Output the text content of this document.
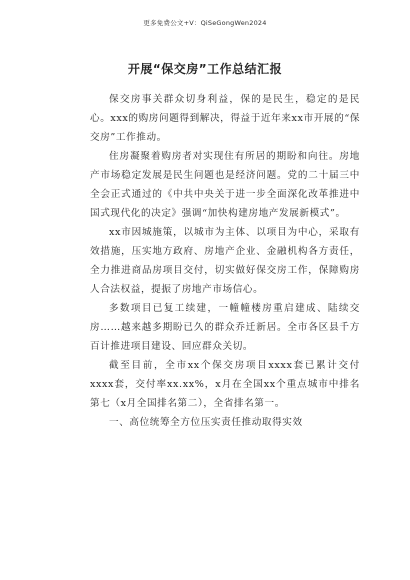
更多免费公文+V：QiSeGongWen2024
开展“保交房”工作总结汇报

保交房事关群众切身利益，保的是民生，稳定的是民心。xxx的购房问题得到解决，得益于近年来xx市开展的“保交房”工作推动。

住房凝聚着购房者对实现住有所居的期盼和向往。房地产市场稳定发展是民生问题也是经济问题。党的二十届三中全会正式通过的《中共中央关于进一步全面深化改革推进中国式现代化的决定》强调“加快构建房地产发展新模式”。

xx市因城施策，以城市为主体、以项目为中心，采取有效措施，压实地方政府、房地产企业、金融机构各方责任，全力推进商品房项目交付，切实做好保交房工作，保障购房人合法权益，提振了房地产市场信心。

多数项目已复工续建，一幢幢楼房重启建成、陆续交房……越来越多期盼已久的群众乔迁新居。全市各区县千方百计推进项目建设、回应群众关切。

截至目前，全市xx个保交房项目xxxx套已累计交付xxxx套，交付率xx.xx%，x月在全国xx个重点城市中排名第七（x月全国排名第二），全省排名第一。

一、高位统筹全方位压实责任推动取得实效
